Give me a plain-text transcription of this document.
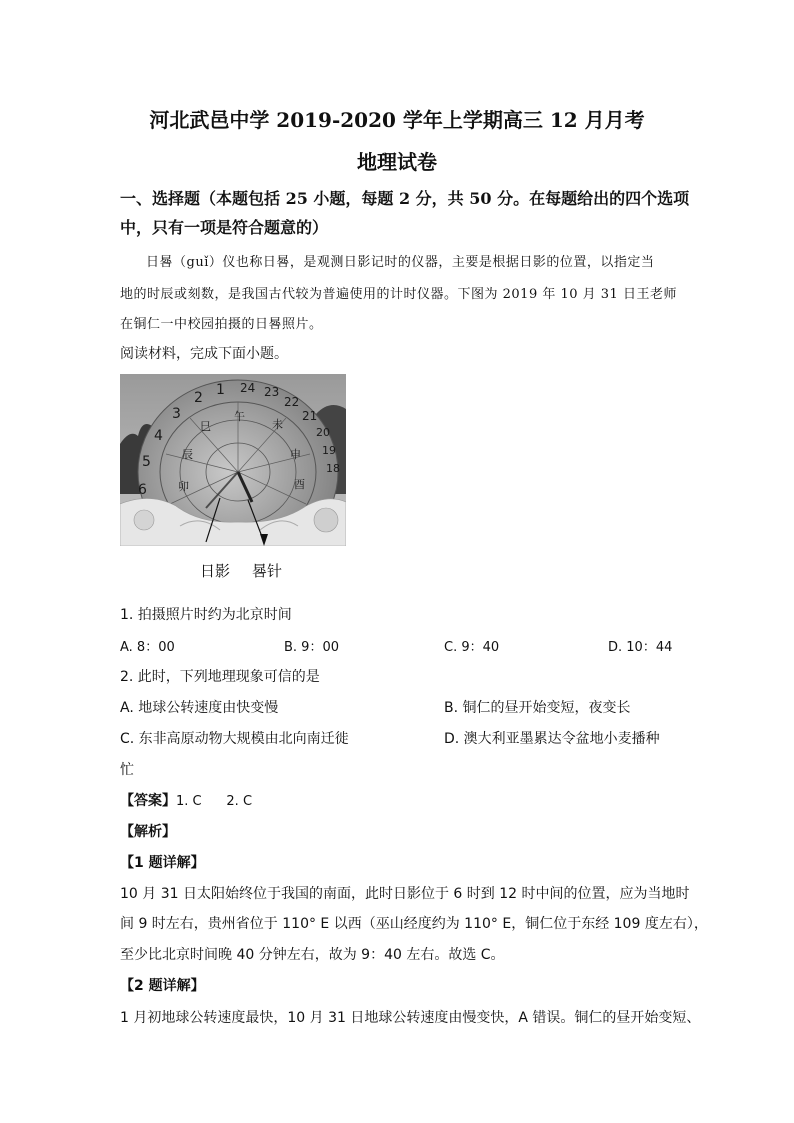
河北武邑中学 2019-2020 学年上学期高三 12 月月考
地理试卷
一、选择题（本题包括 25 小题，每题 2 分，共 50 分。在每题给出的四个选项
中，只有一项是符合题意的）
日晷（guǐ）仪也称日晷，是观测日影记时的仪器，主要是根据日影的位置，以指定当
地的时辰或刻数，是我国古代较为普遍使用的计时仪器。下图为 2019 年 10 月 31 日王老师
在铜仁一中校园拍摄的日晷照片。
阅读材料，完成下面小题。
1
2
3
4
5
6
24 23
22
21
20
19
18
午
未
巳
辰
卯
申
酉
日影 晷针
1. 拍摄照片时约为北京时间
A. 8：00	B. 9：00	C. 9：40	D. 10：44
2. 此时，下列地理现象可信的是
A. 地球公转速度由快变慢	B. 铜仁的昼开始变短，夜变长
C. 东非高原动物大规模由北向南迁徙	D. 澳大利亚墨累达令盆地小麦播种
忙
【答案】1. C      2. C
【解析】
【1 题详解】
10 月 31 日太阳始终位于我国的南面，此时日影位于 6 时到 12 时中间的位置，应为当地时
间 9 时左右，贵州省位于 110° E 以西（巫山经度约为 110° E，铜仁位于东经 109 度左右），
至少比北京时间晚 40 分钟左右，故为 9：40 左右。故选 C。
【2 题详解】
1 月初地球公转速度最快，10 月 31 日地球公转速度由慢变快，A 错误。铜仁的昼开始变短、
